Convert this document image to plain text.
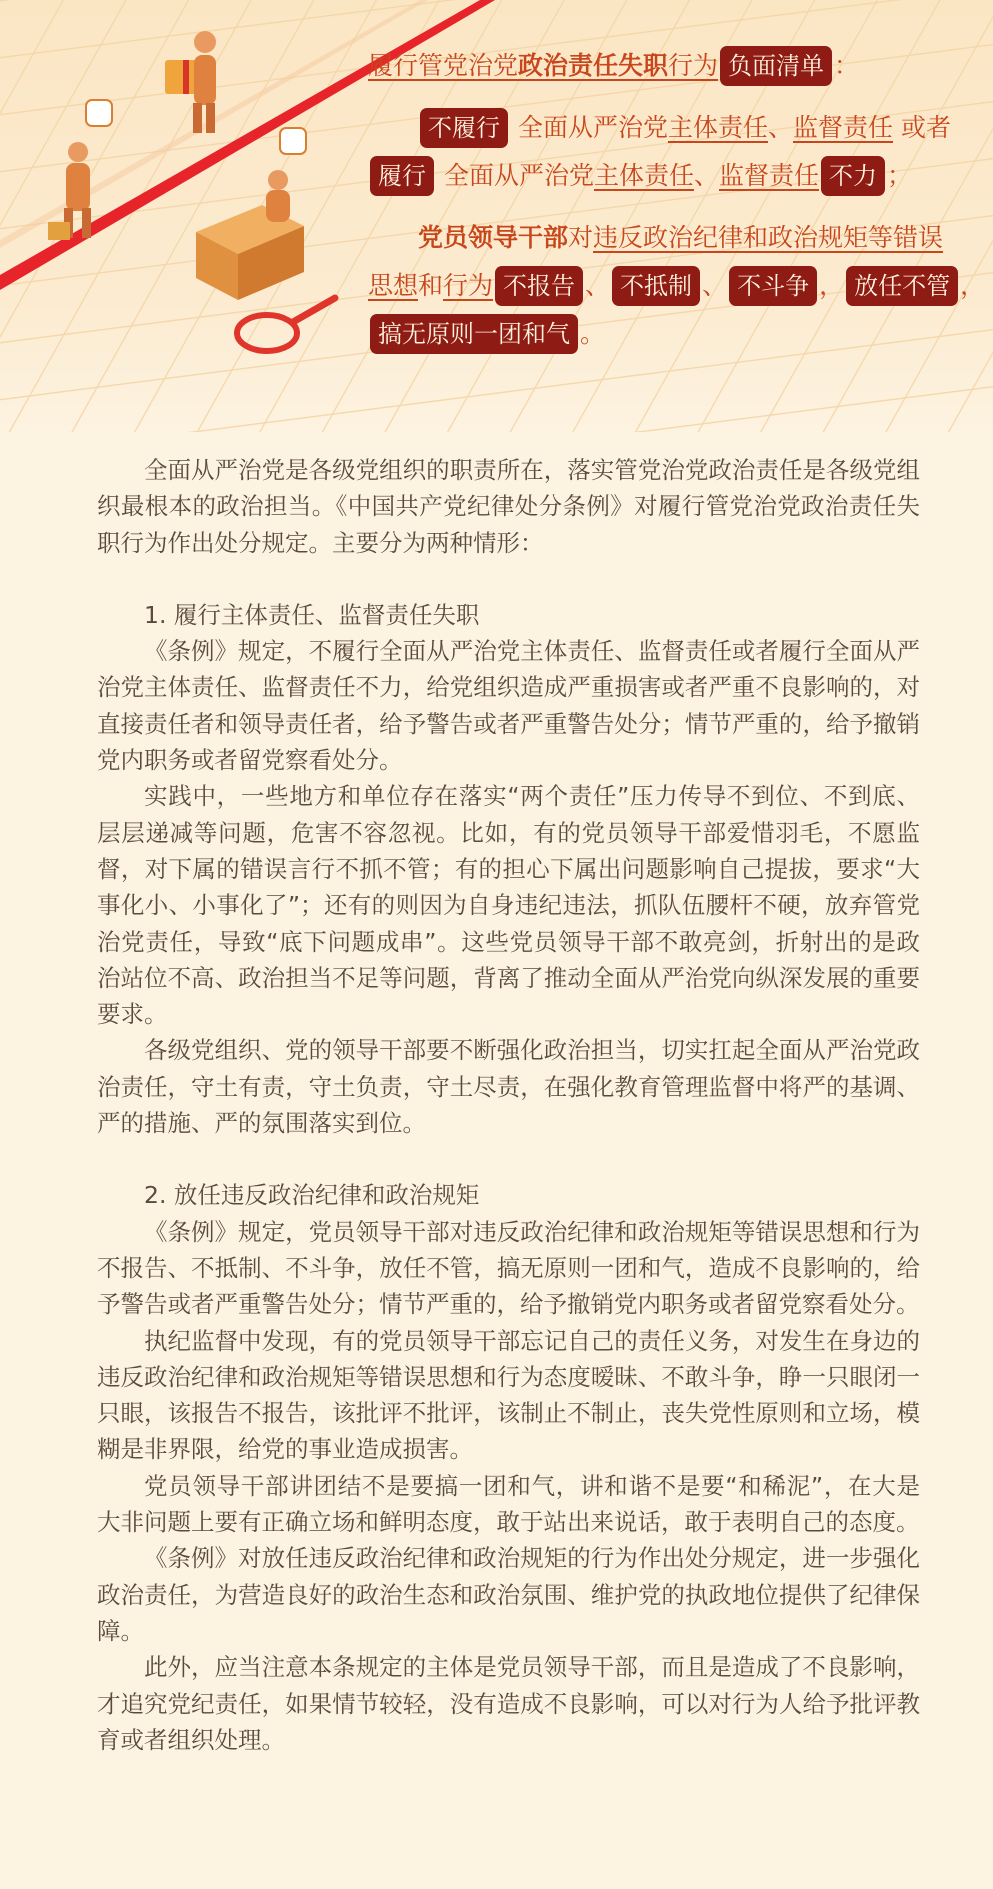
履行管党治党政治责任失职行为 负面清单 ：
不履行 全面从严治党主体责任、监督责任 或者
履行 全面从严治党主体责任、监督责任 不力 ；
党员领导干部对违反政治纪律和政治规矩等错误
思想和行为 不报告 、 不抵制 、 不斗争 ， 放任不管 ，
搞无原则一团和气 。

全面从严治党是各级党组织的职责所在，落实管党治党政治责任是各级党组织最根本的政治担当。《中国共产党纪律处分条例》对履行管党治党政治责任失职行为作出处分规定。主要分为两种情形：

1. 履行主体责任、监督责任失职

《条例》规定，不履行全面从严治党主体责任、监督责任或者履行全面从严治党主体责任、监督责任不力，给党组织造成严重损害或者严重不良影响的，对直接责任者和领导责任者，给予警告或者严重警告处分；情节严重的，给予撤销党内职务或者留党察看处分。

实践中，一些地方和单位存在落实“两个责任”压力传导不到位、不到底、层层递减等问题，危害不容忽视。比如，有的党员领导干部爱惜羽毛，不愿监督，对下属的错误言行不抓不管；有的担心下属出问题影响自己提拔，要求“大事化小、小事化了”；还有的则因为自身违纪违法，抓队伍腰杆不硬，放弃管党治党责任，导致“底下问题成串”。这些党员领导干部不敢亮剑，折射出的是政治站位不高、政治担当不足等问题，背离了推动全面从严治党向纵深发展的重要要求。

各级党组织、党的领导干部要不断强化政治担当，切实扛起全面从严治党政治责任，守土有责，守土负责，守土尽责，在强化教育管理监督中将严的基调、严的措施、严的氛围落实到位。

2. 放任违反政治纪律和政治规矩

《条例》规定，党员领导干部对违反政治纪律和政治规矩等错误思想和行为不报告、不抵制、不斗争，放任不管，搞无原则一团和气，造成不良影响的，给予警告或者严重警告处分；情节严重的，给予撤销党内职务或者留党察看处分。

执纪监督中发现，有的党员领导干部忘记自己的责任义务，对发生在身边的违反政治纪律和政治规矩等错误思想和行为态度暧昧、不敢斗争，睁一只眼闭一只眼，该报告不报告，该批评不批评，该制止不制止，丧失党性原则和立场，模糊是非界限，给党的事业造成损害。

党员领导干部讲团结不是要搞一团和气，讲和谐不是要“和稀泥”，在大是大非问题上要有正确立场和鲜明态度，敢于站出来说话，敢于表明自己的态度。

《条例》对放任违反政治纪律和政治规矩的行为作出处分规定，进一步强化政治责任，为营造良好的政治生态和政治氛围、维护党的执政地位提供了纪律保障。

此外，应当注意本条规定的主体是党员领导干部，而且是造成了不良影响，才追究党纪责任，如果情节较轻，没有造成不良影响，可以对行为人给予批评教育或者组织处理。
